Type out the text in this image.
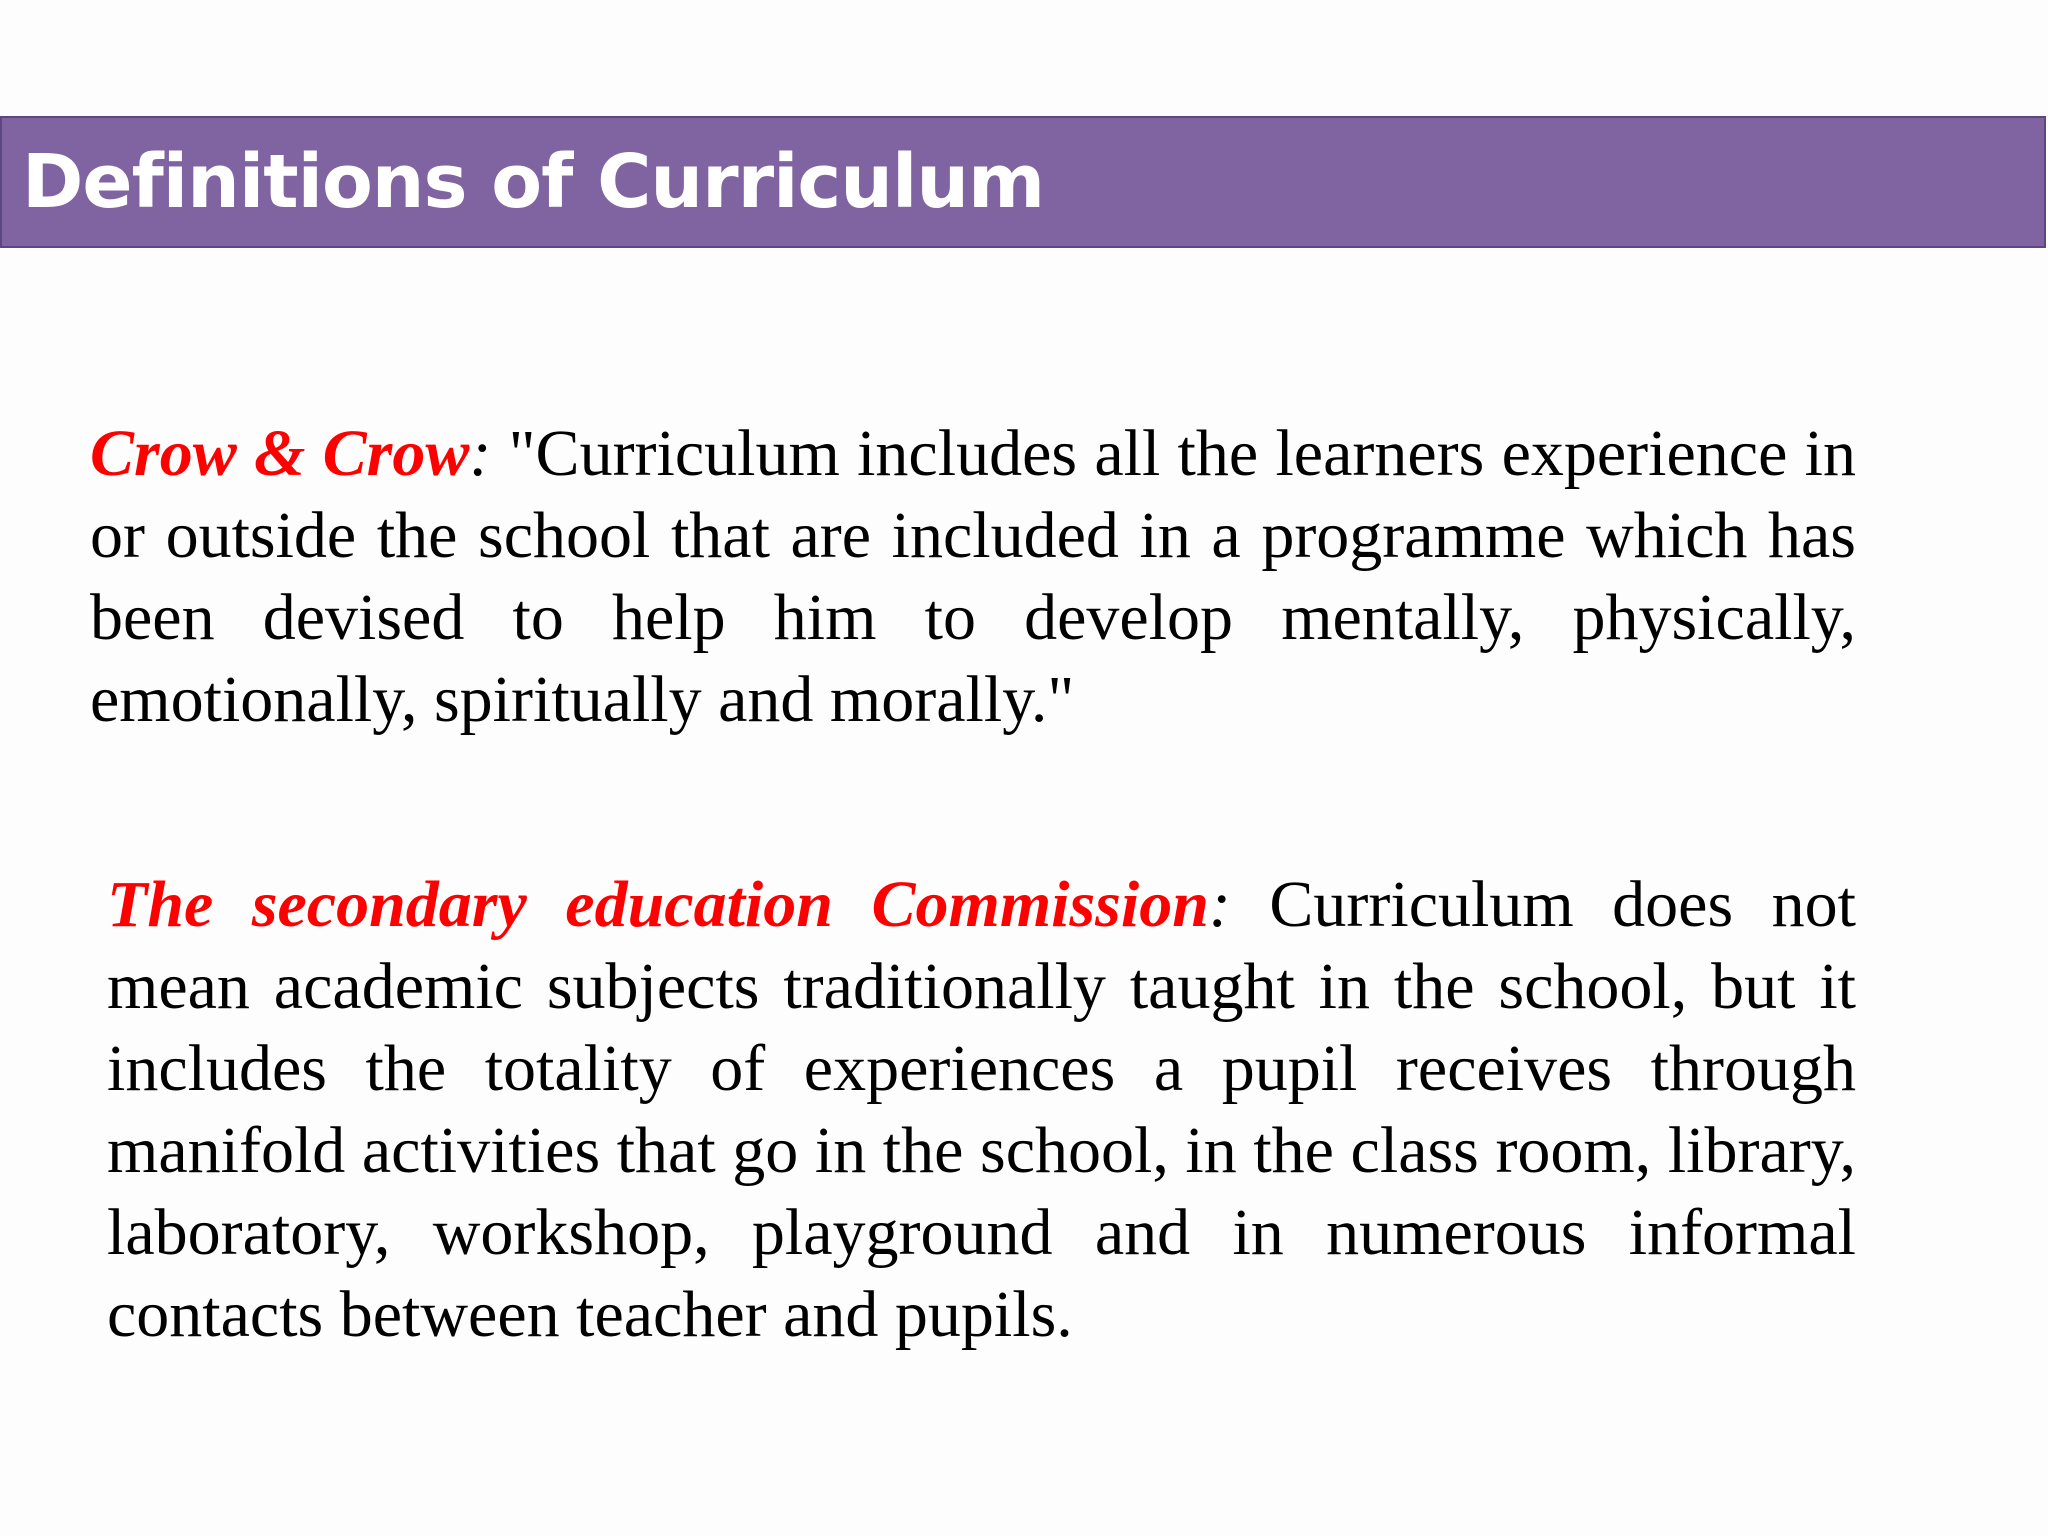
Definitions of Curriculum

Crow & Crow: "Curriculum includes all the learners experience in or outside the school that are included in a programme which has been devised to help him to develop mentally, physically, emotionally, spiritually and morally."

The secondary education Commission: Curriculum does not mean academic subjects traditionally taught in the school, but it includes the totality of experiences a pupil receives through manifold activities that go in the school, in the class room, library, laboratory, workshop, playground and in numerous informal contacts between teacher and pupils.
